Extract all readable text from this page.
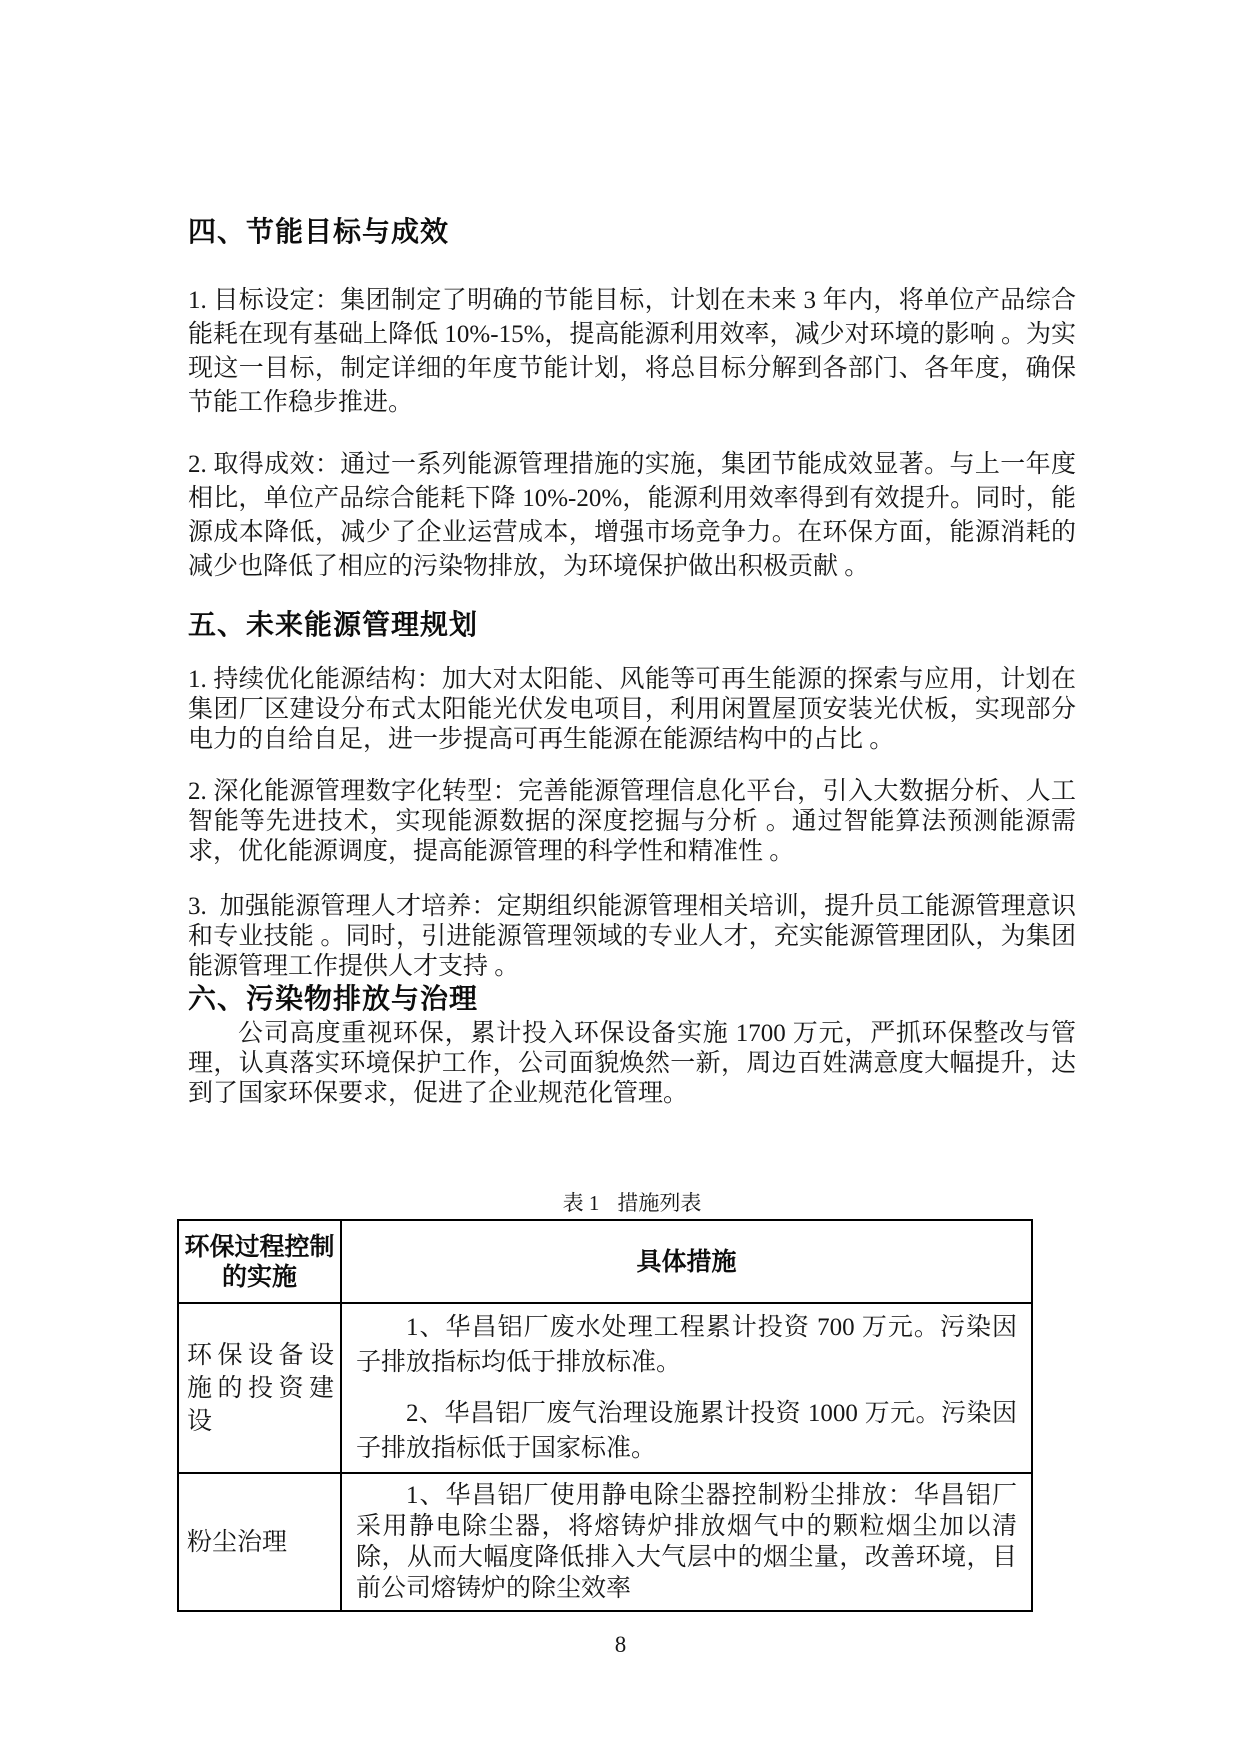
四、节能目标与成效

1. 目标设定：集团制定了明确的节能目标，计划在未来 3 年内，将单位产品综合能耗在现有基础上降低 10%-15%，提高能源利用效率，减少对环境的影响 。为实现这一目标，制定详细的年度节能计划，将总目标分解到各部门、各年度，确保节能工作稳步推进。

2. 取得成效：通过一系列能源管理措施的实施，集团节能成效显著。与上一年度相比，单位产品综合能耗下降 10%-20%，能源利用效率得到有效提升。同时，能源成本降低，减少了企业运营成本，增强市场竞争力。在环保方面，能源消耗的减少也降低了相应的污染物排放，为环境保护做出积极贡献 。

五、未来能源管理规划

1. 持续优化能源结构：加大对太阳能、风能等可再生能源的探索与应用，计划在集团厂区建设分布式太阳能光伏发电项目，利用闲置屋顶安装光伏板，实现部分电力的自给自足，进一步提高可再生能源在能源结构中的占比 。

2. 深化能源管理数字化转型：完善能源管理信息化平台，引入大数据分析、人工智能等先进技术，实现能源数据的深度挖掘与分析 。通过智能算法预测能源需求，优化能源调度，提高能源管理的科学性和精准性 。

3.  加强能源管理人才培养：定期组织能源管理相关培训，提升员工能源管理意识和专业技能 。同时，引进能源管理领域的专业人才，充实能源管理团队，为集团能源管理工作提供人才支持 。

六、污染物排放与治理

公司高度重视环保，累计投入环保设备实施 1700 万元，严抓环保整改与管理，认真落实环境保护工作，公司面貌焕然一新，周边百姓满意度大幅提升，达到了国家环保要求，促进了企业规范化管理。

表 1 措施列表
环保过程控制的实施	具体措施
环保设备设施的投资建设	1、华昌铝厂废水处理工程累计投资 700 万元。污染因子排放指标均低于排放标准。

2、华昌铝厂废气治理设施累计投资 1000 万元。污染因子排放指标低于国家标准。

粉尘治理	1、华昌铝厂使用静电除尘器控制粉尘排放：华昌铝厂采用静电除尘器，将熔铸炉排放烟气中的颗粒烟尘加以清除，从而大幅度降低排入大气层中的烟尘量，改善环境，目前公司熔铸炉的除尘效率

8
